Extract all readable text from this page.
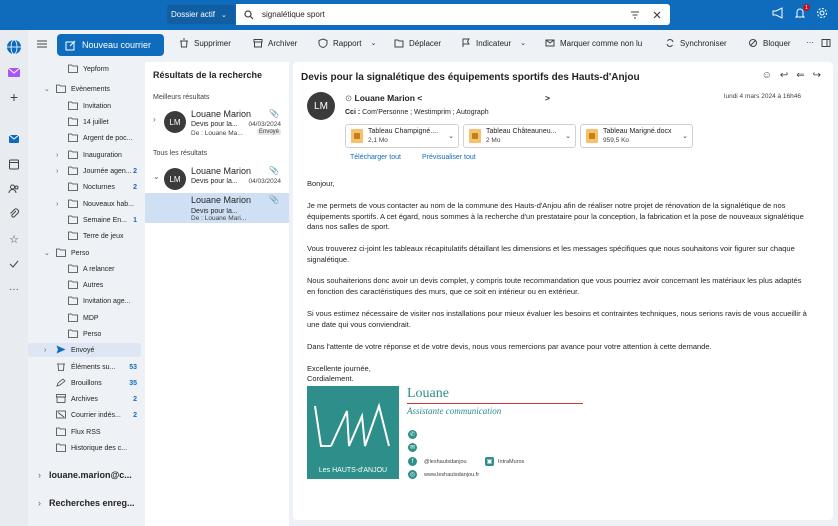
Dossier actif ⌄	signalétique sport
1
+
☆
···
Nouveau courrier	Supprimer	Archiver	Rapport ⌄	Déplacer	Indicateur ⌄	Marquer comme non lu	Synchroniser	Bloquer ···
Yepform
⌄	Evènements
Invitation
14 juillet
Argent de poc...
›	Inauguration
›	Journée agen... 2
Nocturnes	2
›	Nouveaux hab...
Semaine En... 1
Terre de jeux
⌄	Perso
A relancer
Autres
Invitation age...
MDP
Perso
›	Envoyé
Éléments su... 53
Brouillons	35
Archives	2
Courrier indés... 2
Flux RSS
Historique des c...
› louane.marion@c...
› Recherches enreg...
Résultats de la recherche
Meilleurs résultats
›	LM
Louane Marion 📎
Devis pour la...	04/03/2024
De : Louane Ma...	Envoyé
Tous les résultats
⌄	LM
Louane Marion 📎
Devis pour la...	04/03/2024
Louane Marion 📎
Devis pour la...
De : Louane Mari...
Devis pour la signalétique des équipements sportifs des Hauts-d'Anjou	☺ ↩ ⇐ ↪
LM
⊙ Louane Marion <	>
Cci : Com'Personne ; Westimprim ; Autograph
lundi 4 mars 2024 à 16h46
Tableau Champigné....
2,1 Mo
⌄
Tableau Châteauneu...
2 Mo
⌄
Tableau Marigné.docx
959,5 Ko
⌄
Télécharger tout	Prévisualiser tout

Bonjour,

Je me permets de vous contacter au nom de la commune des Hauts-d'Anjou afin de réaliser notre projet de rénovation de la signalétique de nos équipements sportifs. A cet égard, nous sommes à la recherche d'un prestataire pour la conception, la fabrication et la pose de nouveaux signalétique dans nos salles de sport.

Vous trouverez ci-joint les tableaux récapitulatifs détaillant les dimensions et les messages spécifiques que nous souhaitons voir figurer sur chaque signalétique.

Nous souhaiterions donc avoir un devis complet, y compris toute recommandation que vous pourriez avoir concernant les matériaux les plus adaptés en fonction des caractéristiques des murs, que ce soit en intérieur ou en extérieur.

Si vous estimez nécessaire de visiter nos installations pour mieux évaluer les besoins et contraintes techniques, nous serions ravis de vous accueillir à une date qui vous conviendrait.

Dans l'attente de votre réponse et de votre devis, nous vous remercions par avance pour votre attention à cette demande.

Excellente journée,

Cordialement.

Les HAUTS-d'ANJOU
Louane
Assistante communication
✆
✉
f	@leshautsdanjou	▣	IntraMuros
◎	www.leshautsdanjou.fr
